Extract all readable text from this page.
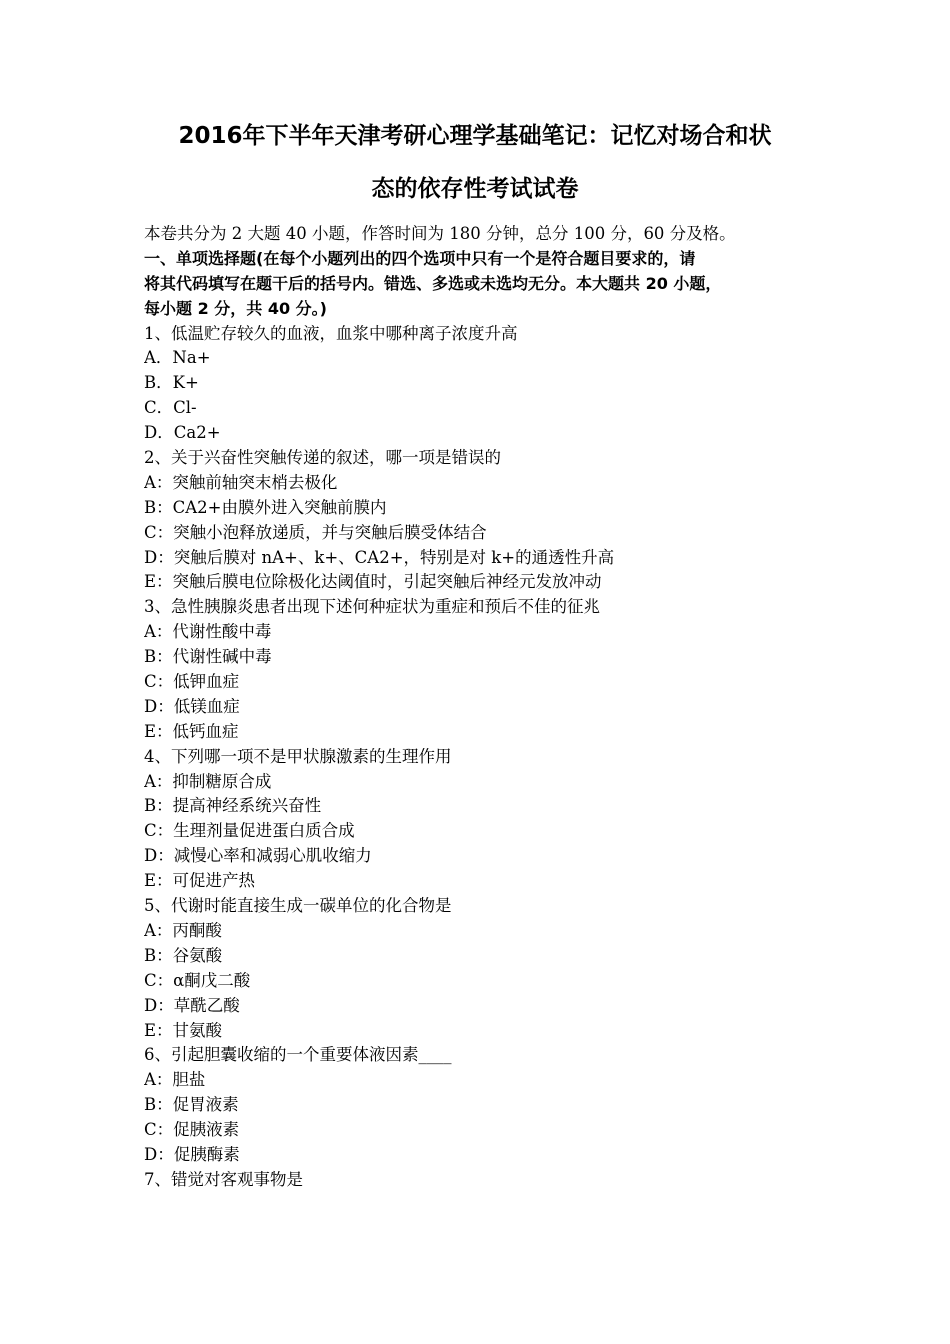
2016年下半年天津考研心理学基础笔记：记忆对场合和状
态的依存性考试试卷
本卷共分为 2 大题 40 小题，作答时间为 180 分钟，总分 100 分，60 分及格。
一、单项选择题(在每个小题列出的四个选项中只有一个是符合题目要求的，请
将其代码填写在题干后的括号内。错选、多选或未选均无分。本大题共 20 小题，
每小题 2 分，共 40 分。)
1、低温贮存较久的血液，血浆中哪种离子浓度升高
A．Na+
B．K+
C．Cl-
D．Ca2+
2、关于兴奋性突触传递的叙述，哪一项是错误的
A：突触前轴突末梢去极化
B：CA2+由膜外进入突触前膜内
C：突触小泡释放递质，并与突触后膜受体结合
D：突触后膜对 nA+、k+、CA2+，特别是对 k+的通透性升高
E：突触后膜电位除极化达阈值时，引起突触后神经元发放冲动
3、急性胰腺炎患者出现下述何种症状为重症和预后不佳的征兆
A：代谢性酸中毒
B：代谢性碱中毒
C：低钾血症
D：低镁血症
E：低钙血症
4、下列哪一项不是甲状腺激素的生理作用
A：抑制糖原合成
B：提高神经系统兴奋性
C：生理剂量促进蛋白质合成
D：减慢心率和减弱心肌收缩力
E：可促进产热
5、代谢时能直接生成一碳单位的化合物是
A：丙酮酸
B：谷氨酸
C：α酮戊二酸
D：草酰乙酸
E：甘氨酸
6、引起胆囊收缩的一个重要体液因素____
A：胆盐
B：促胃液素
C：促胰液素
D：促胰酶素
7、错觉对客观事物是
